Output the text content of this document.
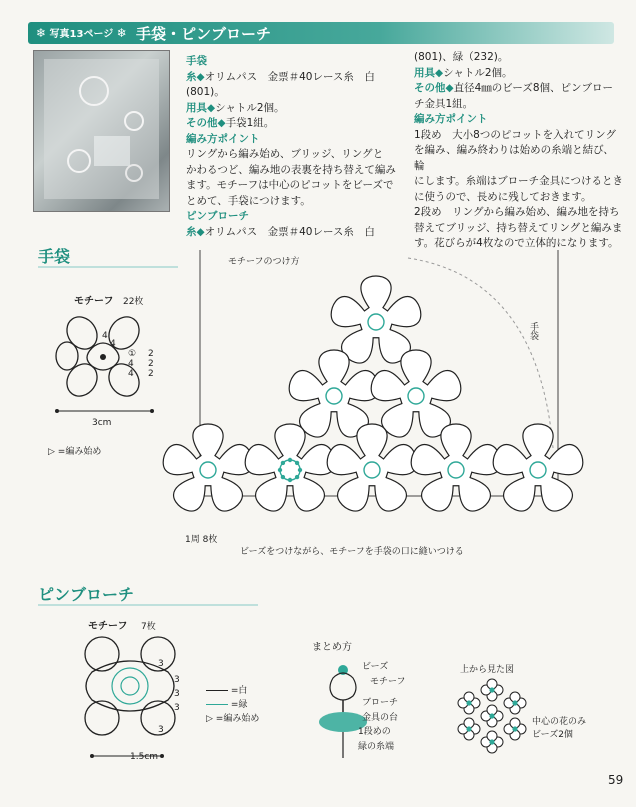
❄ 写真13ページ ❄ 手袋・ピンブローチ
手袋
糸◆オリムパス　金票＃40レース糸　白
(801)。
用具◆シャトル2個。
その他◆手袋1組。
編み方ポイント
リングから編み始め、ブリッジ、リングと
かわるつど、編み地の表裏を持ち替えて編み
ます。モチーフは中心のピコットをビーズで
とめて、手袋につけます。
ピンブローチ
糸◆オリムパス　金票＃40レース糸　白
(801)、緑（232)。
用具◆シャトル2個。
その他◆直径4㎜のビーズ8個、ピンブロー
チ金具1組。
編み方ポイント
1段め　大小8つのピコットを入れてリング
を編み、編み終わりは始めの糸端と結び、輪
にします。糸端はブローチ金具につけるとき
に使うので、長めに残しておきます。
2段め　リングから編み始め、編み地を持ち
替えてブリッジ、持ち替えてリングと編みま
す。花びらが4枚なので立体的になります。
手袋
モチーフ 22枚
4
4
2
2
2
4
4
①
3cm
▷ =編み始め
モチーフのつけ方
手袋
1周 8枚
ビーズをつけながら、モチーフを手袋の口に縫いつける
ピンブローチ
モチーフ 7枚
3
3
3
3
3
1.5cm
=白
=緑
▷ =編み始め
まとめ方
ビーズ
モチーフ
ブローチ
金具の台
1段めの
緑の糸端
上から見た図
中心の花のみ
ビーズ2個
59
